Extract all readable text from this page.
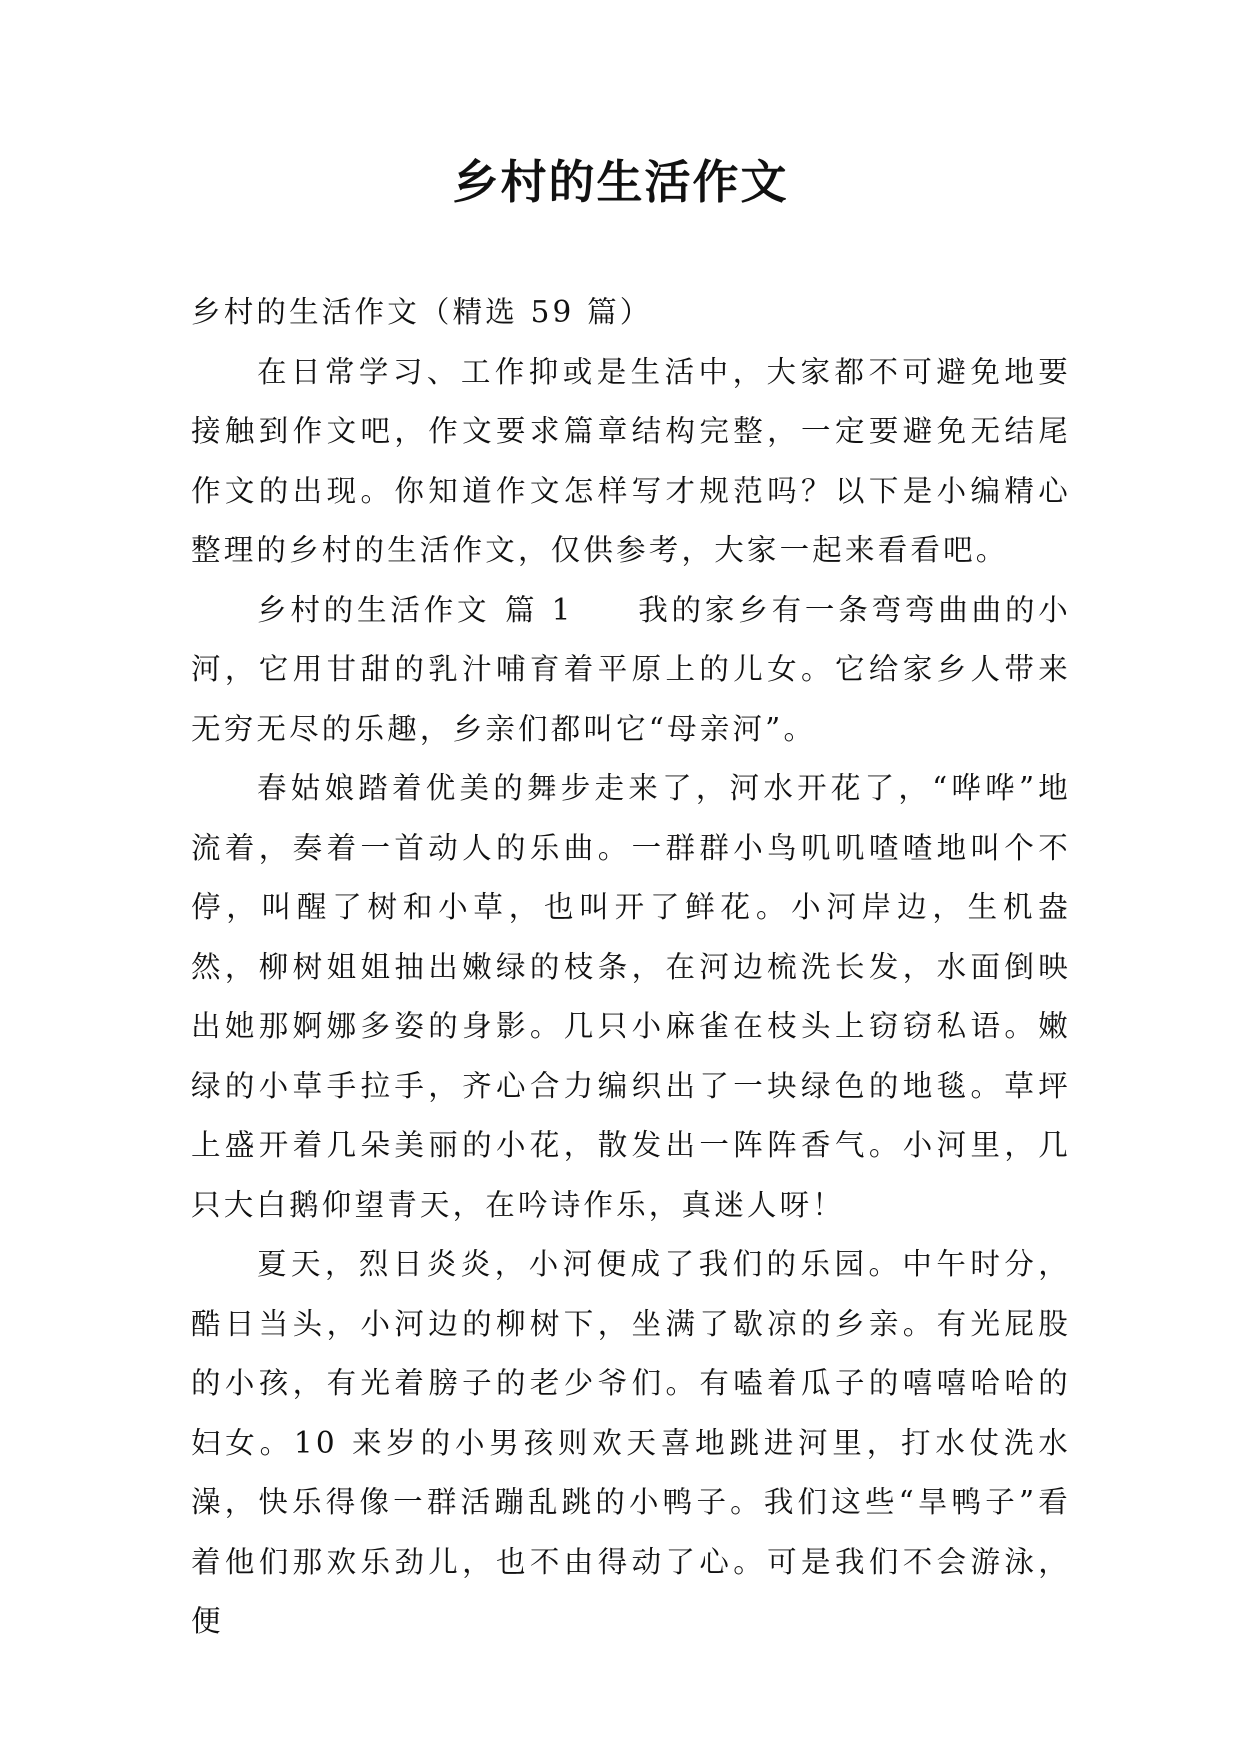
乡村的生活作文

乡村的生活作文（精选 59 篇）

在日常学习、工作抑或是生活中，大家都不可避免地要接触到作文吧，作文要求篇章结构完整，一定要避免无结尾作文的出现。你知道作文怎样写才规范吗？以下是小编精心整理的乡村的生活作文，仅供参考，大家一起来看看吧。

乡村的生活作文 篇 1 我的家乡有一条弯弯曲曲的小河，它用甘甜的乳汁哺育着平原上的儿女。它给家乡人带来无穷无尽的乐趣，乡亲们都叫它“母亲河”。

春姑娘踏着优美的舞步走来了，河水开花了，“哗哗”地流着，奏着一首动人的乐曲。一群群小鸟叽叽喳喳地叫个不停，叫醒了树和小草，也叫开了鲜花。小河岸边，生机盎然，柳树姐姐抽出嫩绿的枝条，在河边梳洗长发，水面倒映出她那婀娜多姿的身影。几只小麻雀在枝头上窃窃私语。嫩绿的小草手拉手，齐心合力编织出了一块绿色的地毯。草坪上盛开着几朵美丽的小花，散发出一阵阵香气。小河里，几只大白鹅仰望青天，在吟诗作乐，真迷人呀！

夏天，烈日炎炎，小河便成了我们的乐园。中午时分，酷日当头，小河边的柳树下，坐满了歇凉的乡亲。有光屁股的小孩，有光着膀子的老少爷们。有嗑着瓜子的嘻嘻哈哈的妇女。10 来岁的小男孩则欢天喜地跳进河里，打水仗洗水澡，快乐得像一群活蹦乱跳的小鸭子。我们这些“旱鸭子”看着他们那欢乐劲儿，也不由得动了心。可是我们不会游泳，便
